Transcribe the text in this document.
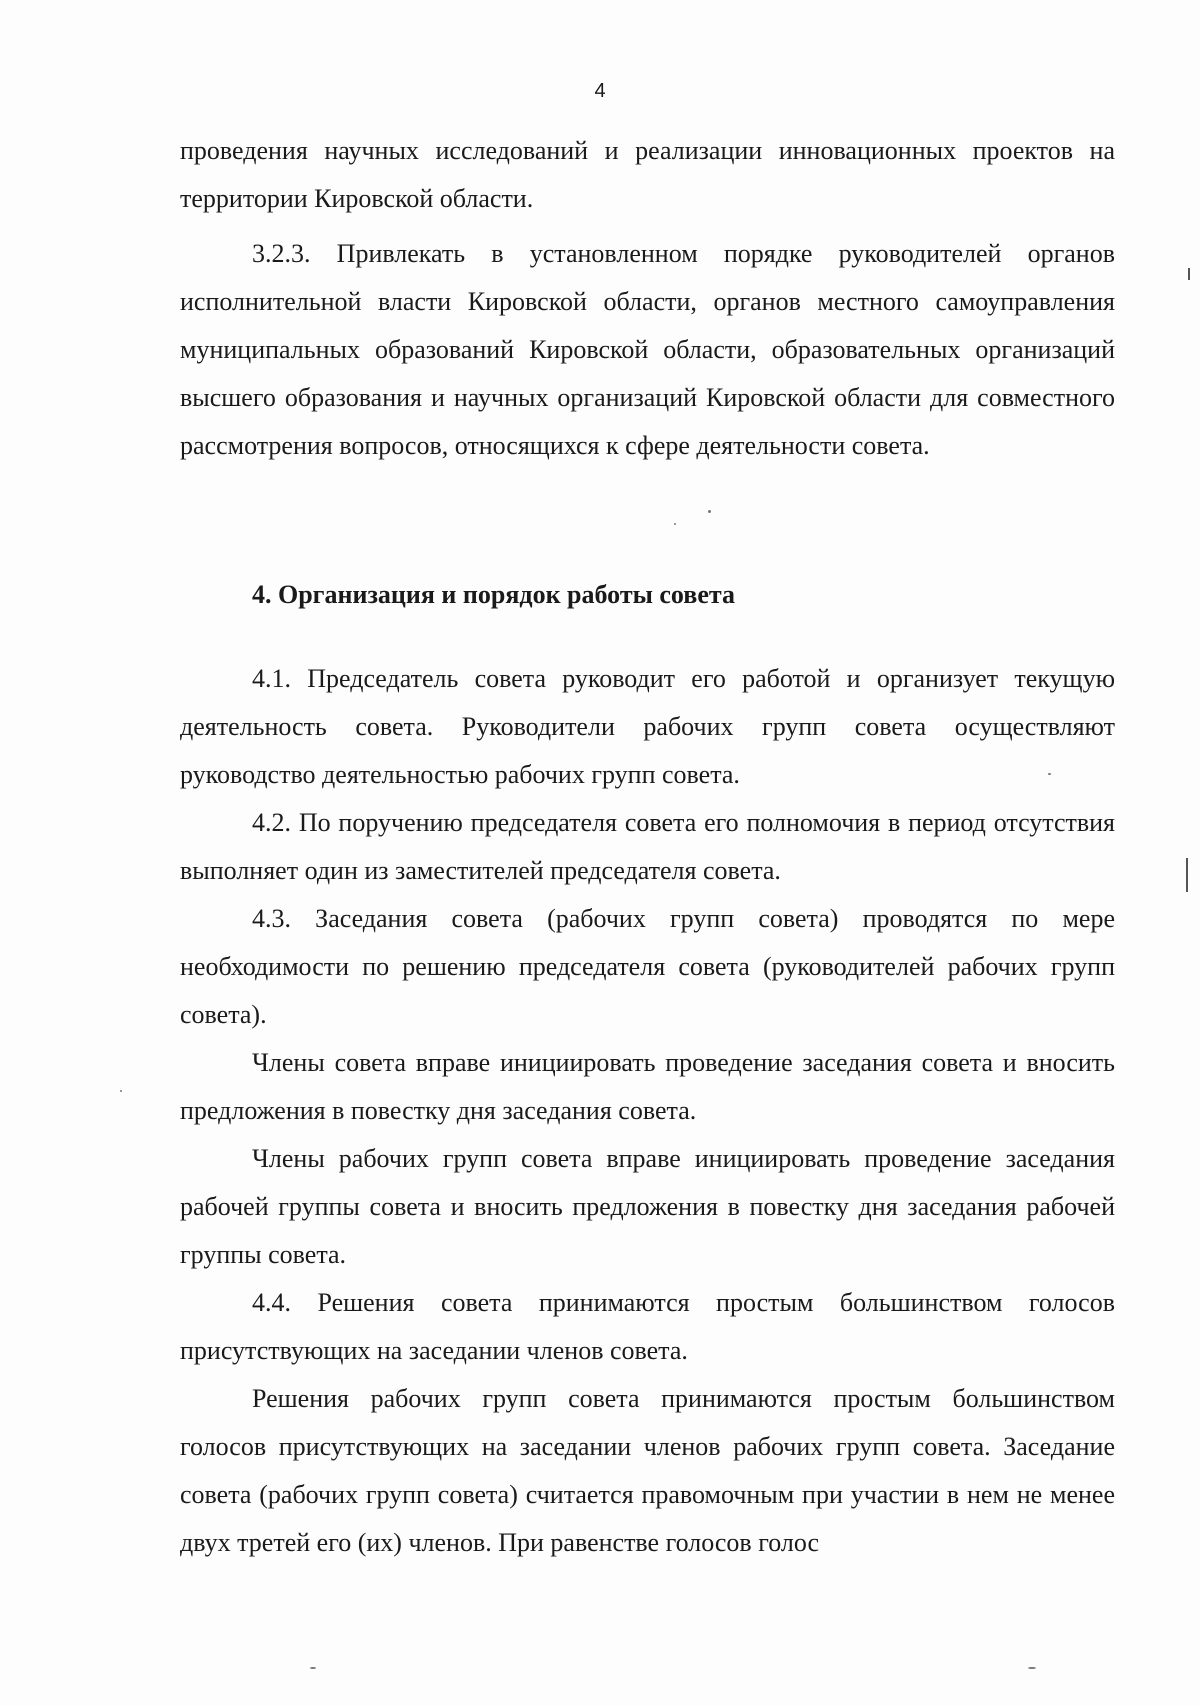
4

проведения научных исследований и реализации инновационных проектов на территории Кировской области.

3.2.3. Привлекать в установленном порядке руководителей органов исполнительной власти Кировской области, органов местного самоуправления муниципальных образований Кировской области, образовательных организаций высшего образования и научных организаций Кировской области для совместного рассмотрения вопросов, относящихся к сфере деятельности совета.

4. Организация и порядок работы совета

4.1. Председатель совета руководит его работой и организует текущую деятельность совета. Руководители рабочих групп совета осуществляют руководство деятельностью рабочих групп совета.

4.2. По поручению председателя совета его полномочия в период отсутствия выполняет один из заместителей председателя совета.

4.3. Заседания совета (рабочих групп совета) проводятся по мере необходимости по решению председателя совета (руководителей рабочих групп совета).

Члены совета вправе инициировать проведение заседания совета и вносить предложения в повестку дня заседания совета.

Члены рабочих групп совета вправе инициировать проведение заседания рабочей группы совета и вносить предложения в повестку дня заседания рабочей группы совета.

4.4. Решения совета принимаются простым большинством голосов присутствующих на заседании членов совета.

Решения рабочих групп совета принимаются простым большинством голосов присутствующих на заседании членов рабочих групп совета. Заседание совета (рабочих групп совета) считается правомочным при участии в нем не менее двух третей его (их) членов. При равенстве голосов голос
